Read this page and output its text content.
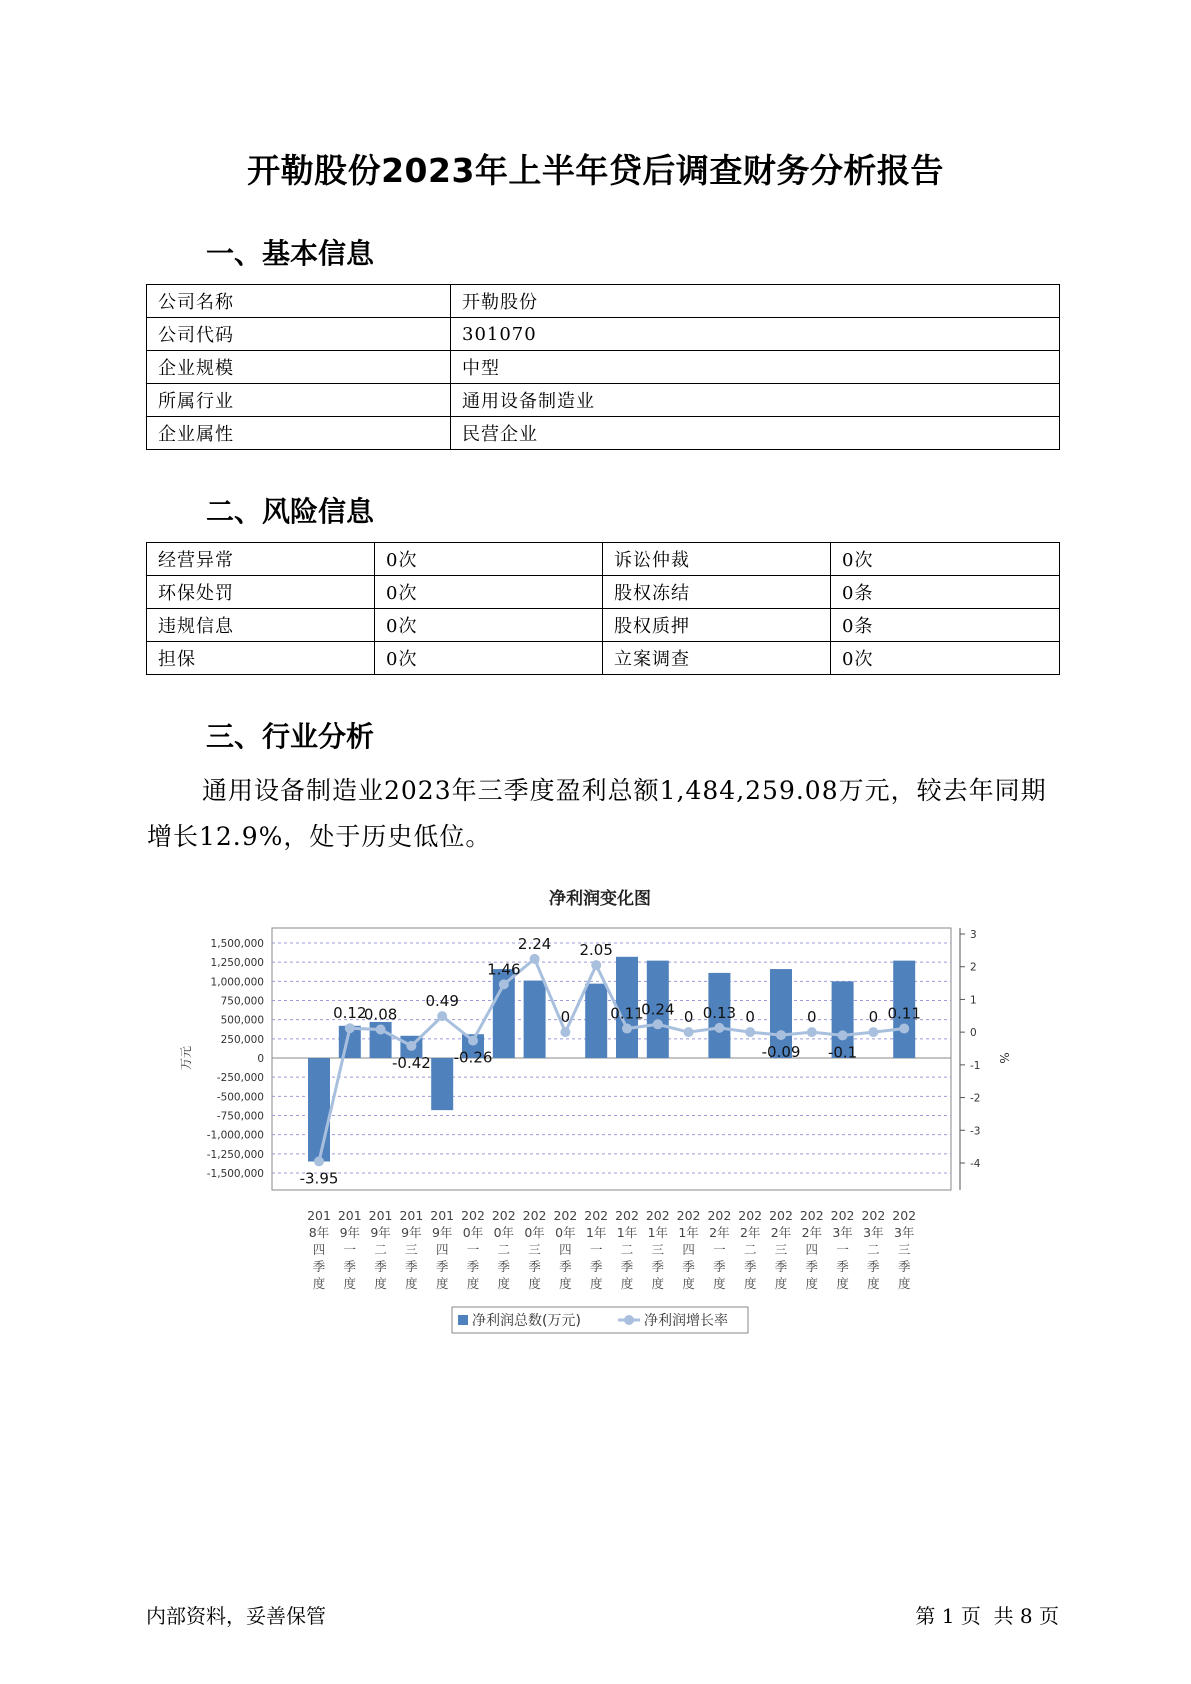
开勒股份2023年上半年贷后调查财务分析报告
一、基本信息
公司名称	开勒股份
公司代码	301070
企业规模	中型
所属行业	通用设备制造业
企业属性	民营企业
二、风险信息
经营异常	0次	诉讼仲裁	0次
环保处罚	0次	股权冻结	0条
违规信息	0次	股权质押	0条
担保	0次	立案调查	0次
三、行业分析
通用设备制造业2023年三季度盈利总额1,484,259.08万元，较去年同期增长12.9%，处于历史低位。
净利润变化图
1,500,000
1,250,000
1,000,000
750,000
500,000
250,000
0
-250,000
-500,000
-750,000
-1,000,000
-1,250,000
-1,500,000
万元
3
2
1
0
-1
-2
-3
-4
%
-3.95
0.12
0.08
-0.42
0.49
-0.26
1.46
2.24
0
2.05
0.11
0.24 0 0.13 0
-0.09
0
-0.1
0 0.11
201
8年
四
季
度
201
9年
一
季
度
201
9年
二
季
度
201
9年
三
季
度
201
9年
四
季
度
202
0年
一
季
度
202
0年
二
季
度
202
0年
三
季
度
202
0年
四
季
度
202
1年
一
季
度
202
1年
二
季
度
202
1年
三
季
度
202
1年
四
季
度
202
2年
一
季
度
202
2年
二
季
度
202
2年
三
季
度
202
2年
四
季
度
202
3年
一
季
度
202
3年
二
季
度
202
3年
三
季
度
净利润总数(万元)	净利润增长率
内部资料，妥善保管	第 1 页  共 8 页
